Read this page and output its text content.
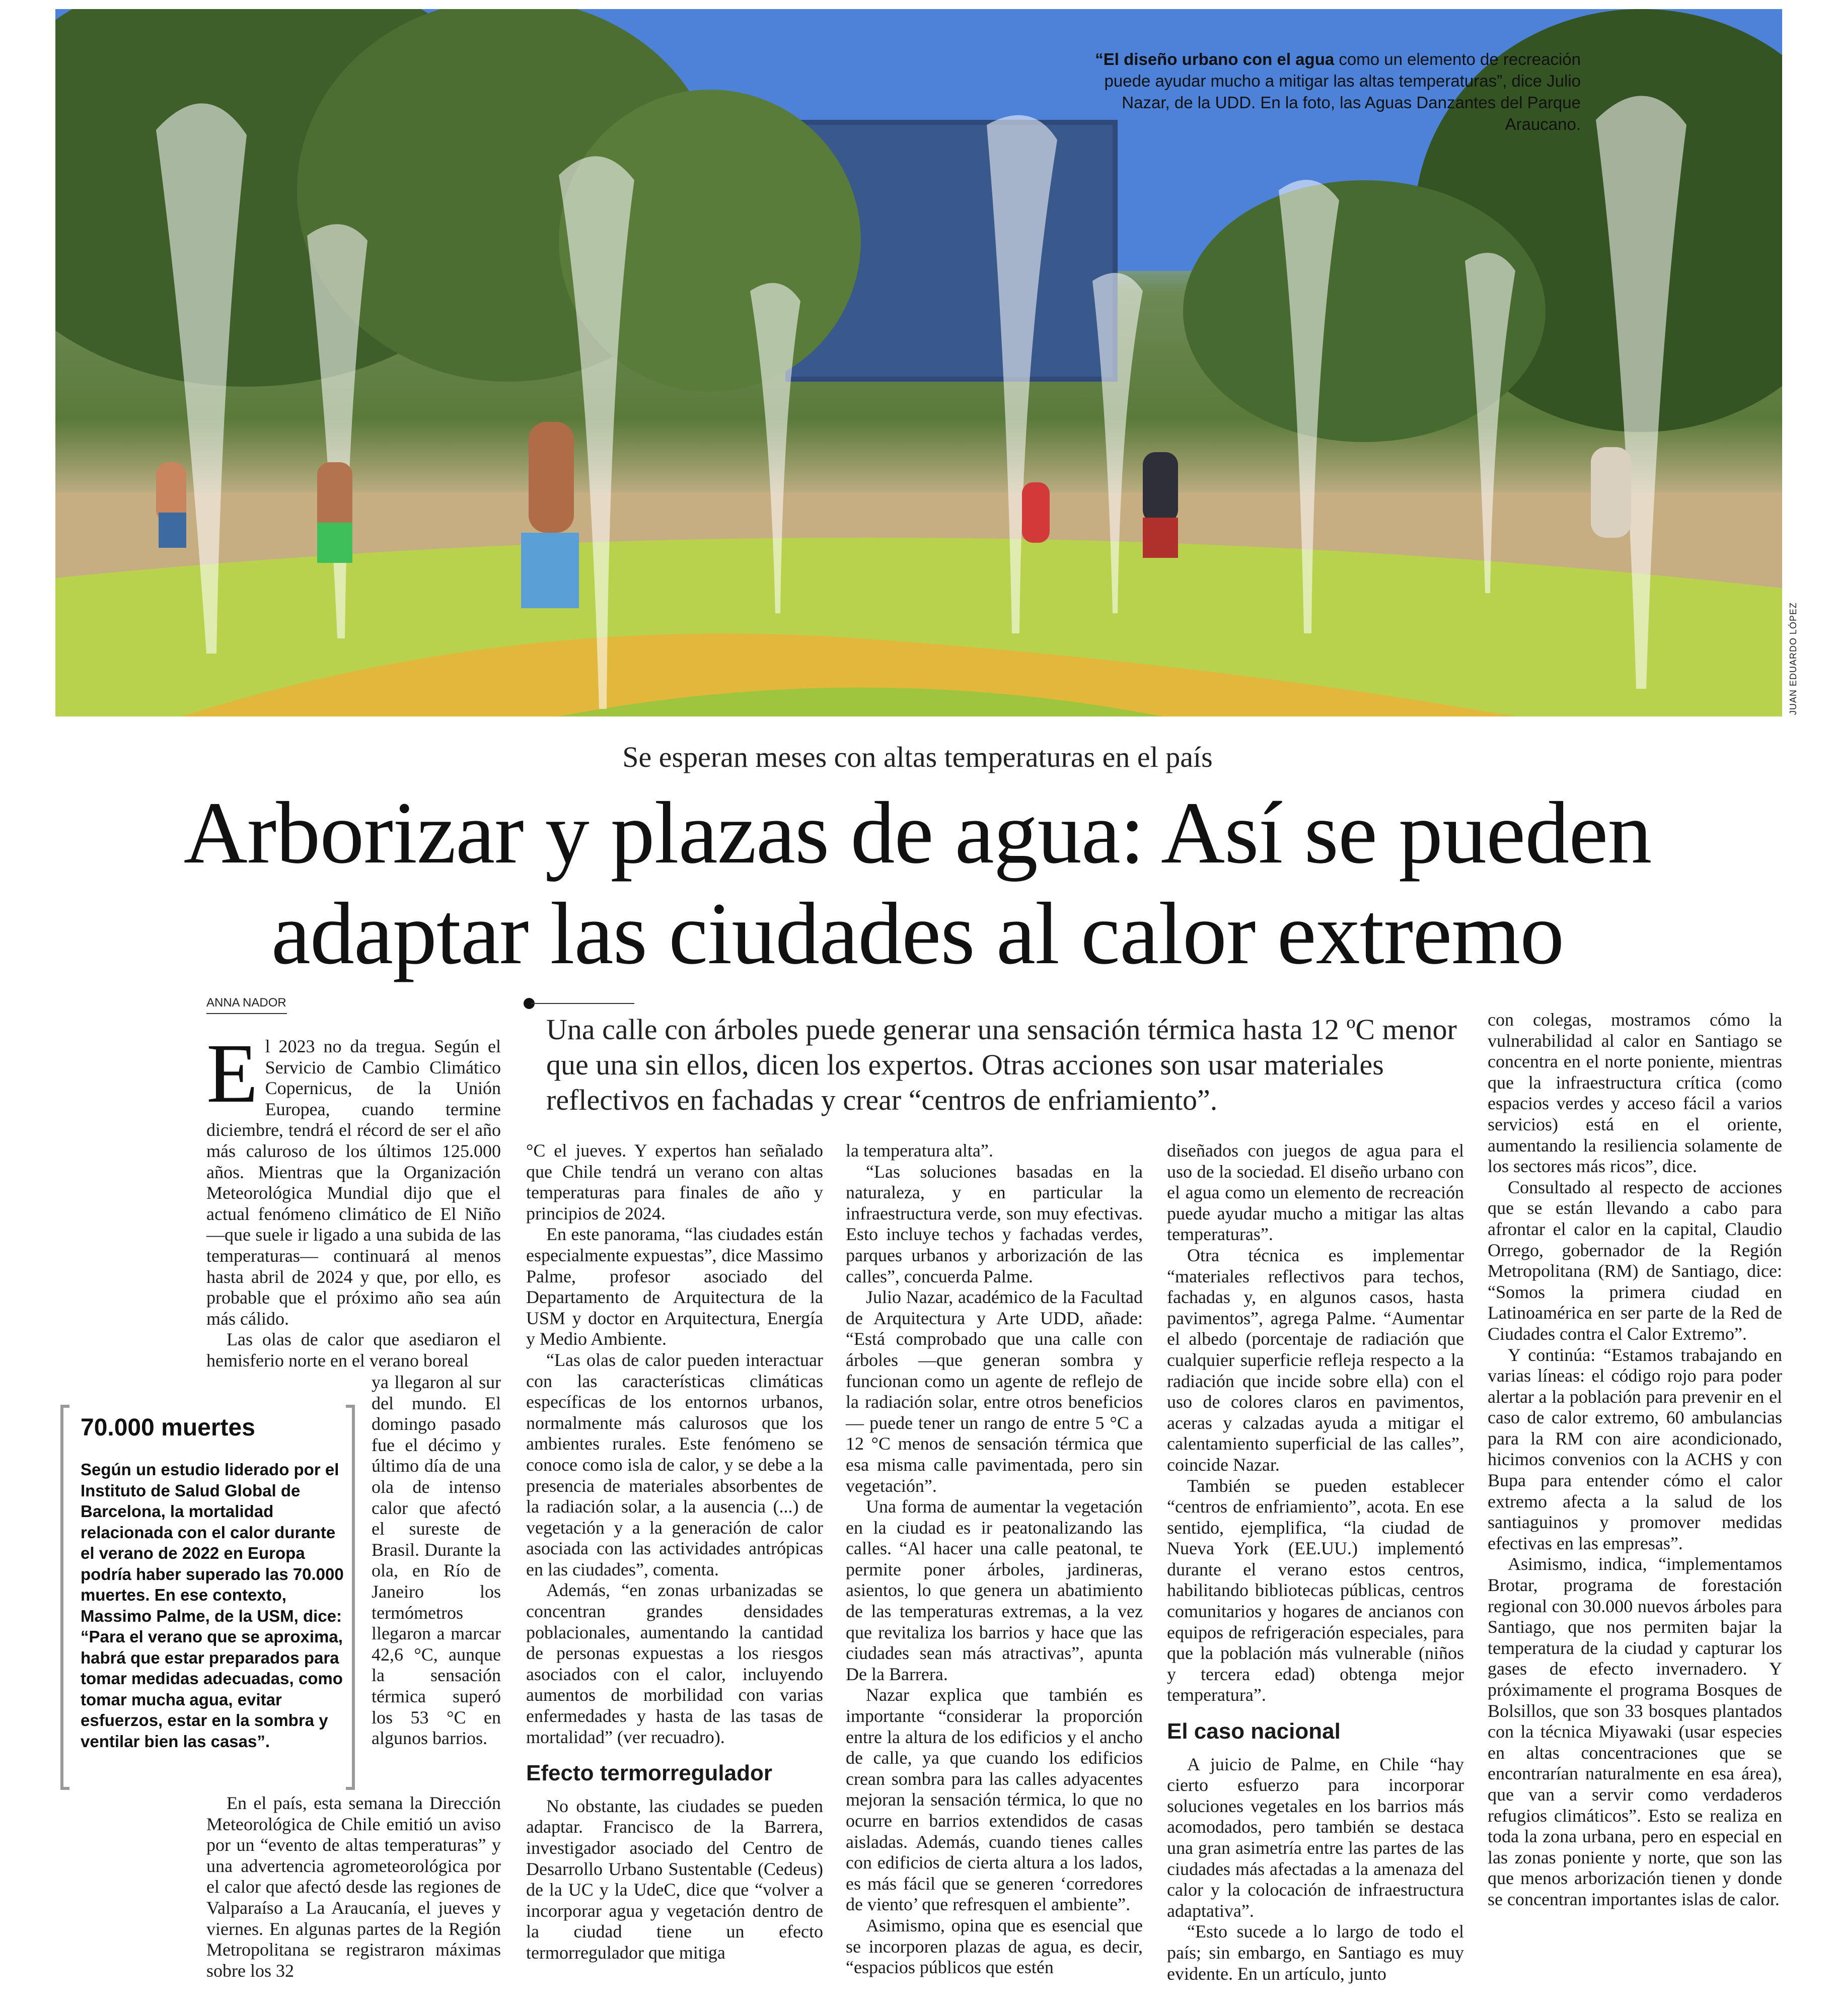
“El diseño urbano con el agua como un elemento de recreación puede ayudar mucho a mitigar las altas temperaturas”, dice Julio Nazar, de la UDD. En la foto, las Aguas Danzantes del Parque Araucano.
JUAN EDUARDO LÓPEZ
Se esperan meses con altas temperaturas en el país
Arborizar y plazas de agua: Así se pueden
adaptar las ciudades al calor extremo
ANNA NADOR
Una calle con árboles puede generar una sensación térmica hasta 12 ºC menor que una sin ellos, dicen los expertos. Otras acciones son usar materiales reflectivos en fachadas y crear “centros de enfriamiento”.

El 2023 no da tregua. Según el Servicio de Cambio Climático Copernicus, de la Unión Europea, cuando termine diciembre, tendrá el récord de ser el año más caluroso de los últimos 125.000 años. Mientras que la Organización Meteorológica Mundial dijo que el actual fenómeno climático de El Niño —que suele ir ligado a una subida de las temperaturas— continuará al menos hasta abril de 2024 y que, por ello, es probable que el próximo año sea aún más cálido.

Las olas de calor que asediaron el hemisferio norte en el verano boreal

ya llegaron al sur del mundo. El domingo pasado fue el décimo y último día de una ola de intenso calor que afectó el sureste de Brasil. Durante la ola, en Río de Janeiro los termómetros llegaron a marcar 42,6 °C, aunque la sensación térmica superó los 53 °C en algunos barrios.

En el país, esta semana la Dirección Meteorológica de Chile emitió un aviso por un “evento de altas temperaturas” y una advertencia agrometeorológica por el calor que afectó desde las regiones de Valparaíso a La Araucanía, el jueves y viernes. En algunas partes de la Región Metropolitana se registraron máximas sobre los 32

70.000 muertes
Según un estudio liderado por el Instituto de Salud Global de Barcelona, la mortalidad relacionada con el calor durante el verano de 2022 en Europa podría haber superado las 70.000 muertes. En ese contexto, Massimo Palme, de la USM, dice: “Para el verano que se aproxima, habrá que estar preparados para tomar medidas adecuadas, como tomar mucha agua, evitar esfuerzos, estar en la sombra y ventilar bien las casas”.

°C el jueves. Y expertos han señalado que Chile tendrá un verano con altas temperaturas para finales de año y principios de 2024.

En este panorama, “las ciudades están especialmente expuestas”, dice Massimo Palme, profesor asociado del Departamento de Arquitectura de la USM y doctor en Arquitectura, Energía y Medio Ambiente.

“Las olas de calor pueden interactuar con las características climáticas específicas de los entornos urbanos, normalmente más calurosos que los ambientes rurales. Este fenómeno se conoce como isla de calor, y se debe a la presencia de materiales absorbentes de la radiación solar, a la ausencia (...) de vegetación y a la generación de calor asociada con las actividades antrópicas en las ciudades”, comenta.

Además, “en zonas urbanizadas se concentran grandes densidades poblacionales, aumentando la cantidad de personas expuestas a los riesgos asociados con el calor, incluyendo aumentos de morbilidad con varias enfermedades y hasta de las tasas de mortalidad” (ver recuadro).

Efecto termorregulador

No obstante, las ciudades se pueden adaptar. Francisco de la Barrera, investigador asociado del Centro de Desarrollo Urbano Sustentable (Cedeus) de la UC y la UdeC, dice que “volver a incorporar agua y vegetación dentro de la ciudad tiene un efecto termorregulador que mitiga

la temperatura alta”.

“Las soluciones basadas en la naturaleza, y en particular la infraestructura verde, son muy efectivas. Esto incluye techos y fachadas verdes, parques urbanos y arborización de las calles”, concuerda Palme.

Julio Nazar, académico de la Facultad de Arquitectura y Arte UDD, añade: “Está comprobado que una calle con árboles —que generan sombra y funcionan como un agente de reflejo de la radiación solar, entre otros beneficios— puede tener un rango de entre 5 °C a 12 °C menos de sensación térmica que esa misma calle pavimentada, pero sin vegetación”.

Una forma de aumentar la vegetación en la ciudad es ir peatonalizando las calles. “Al hacer una calle peatonal, te permite poner árboles, jardineras, asientos, lo que genera un abatimiento de las temperaturas extremas, a la vez que revitaliza los barrios y hace que las ciudades sean más atractivas”, apunta De la Barrera.

Nazar explica que también es importante “considerar la proporción entre la altura de los edificios y el ancho de calle, ya que cuando los edificios crean sombra para las calles adyacentes mejoran la sensación térmica, lo que no ocurre en barrios extendidos de casas aisladas. Además, cuando tienes calles con edificios de cierta altura a los lados, es más fácil que se generen ‘corredores de viento’ que refresquen el ambiente”.

Asimismo, opina que es esencial que se incorporen plazas de agua, es decir, “espacios públicos que estén

diseñados con juegos de agua para el uso de la sociedad. El diseño urbano con el agua como un elemento de recreación puede ayudar mucho a mitigar las altas temperaturas”.

Otra técnica es implementar “materiales reflectivos para techos, fachadas y, en algunos casos, hasta pavimentos”, agrega Palme. “Aumentar el albedo (porcentaje de radiación que cualquier superficie refleja respecto a la radiación que incide sobre ella) con el uso de colores claros en pavimentos, aceras y calzadas ayuda a mitigar el calentamiento superficial de las calles”, coincide Nazar.

También se pueden establecer “centros de enfriamiento”, acota. En ese sentido, ejemplifica, “la ciudad de Nueva York (EE.UU.) implementó durante el verano estos centros, habilitando bibliotecas públicas, centros comunitarios y hogares de ancianos con equipos de refrigeración especiales, para que la población más vulnerable (niños y tercera edad) obtenga mejor temperatura”.

El caso nacional

A juicio de Palme, en Chile “hay cierto esfuerzo para incorporar soluciones vegetales en los barrios más acomodados, pero también se destaca una gran asimetría entre las partes de las ciudades más afectadas a la amenaza del calor y la colocación de infraestructura adaptativa”.

“Esto sucede a lo largo de todo el país; sin embargo, en Santiago es muy evidente. En un artículo, junto

con colegas, mostramos cómo la vulnerabilidad al calor en Santiago se concentra en el norte poniente, mientras que la infraestructura crítica (como espacios verdes y acceso fácil a varios servicios) está en el oriente, aumentando la resiliencia solamente de los sectores más ricos”, dice.

Consultado al respecto de acciones que se están llevando a cabo para afrontar el calor en la capital, Claudio Orrego, gobernador de la Región Metropolitana (RM) de Santiago, dice: “Somos la primera ciudad en Latinoamérica en ser parte de la Red de Ciudades contra el Calor Extremo”.

Y continúa: “Estamos trabajando en varias líneas: el código rojo para poder alertar a la población para prevenir en el caso de calor extremo, 60 ambulancias para la RM con aire acondicionado, hicimos convenios con la ACHS y con Bupa para entender cómo el calor extremo afecta a la salud de los santiaguinos y promover medidas efectivas en las empresas”.

Asimismo, indica, “implementamos Brotar, programa de forestación regional con 30.000 nuevos árboles para Santiago, que nos permiten bajar la temperatura de la ciudad y capturar los gases de efecto invernadero. Y próximamente el programa Bosques de Bolsillos, que son 33 bosques plantados con la técnica Miyawaki (usar especies en altas concentraciones que se encontrarían naturalmente en esa área), que van a servir como verdaderos refugios climáticos”. Esto se realiza en toda la zona urbana, pero en especial en las zonas poniente y norte, que son las que menos arborización tienen y donde se concentran importantes islas de calor.
